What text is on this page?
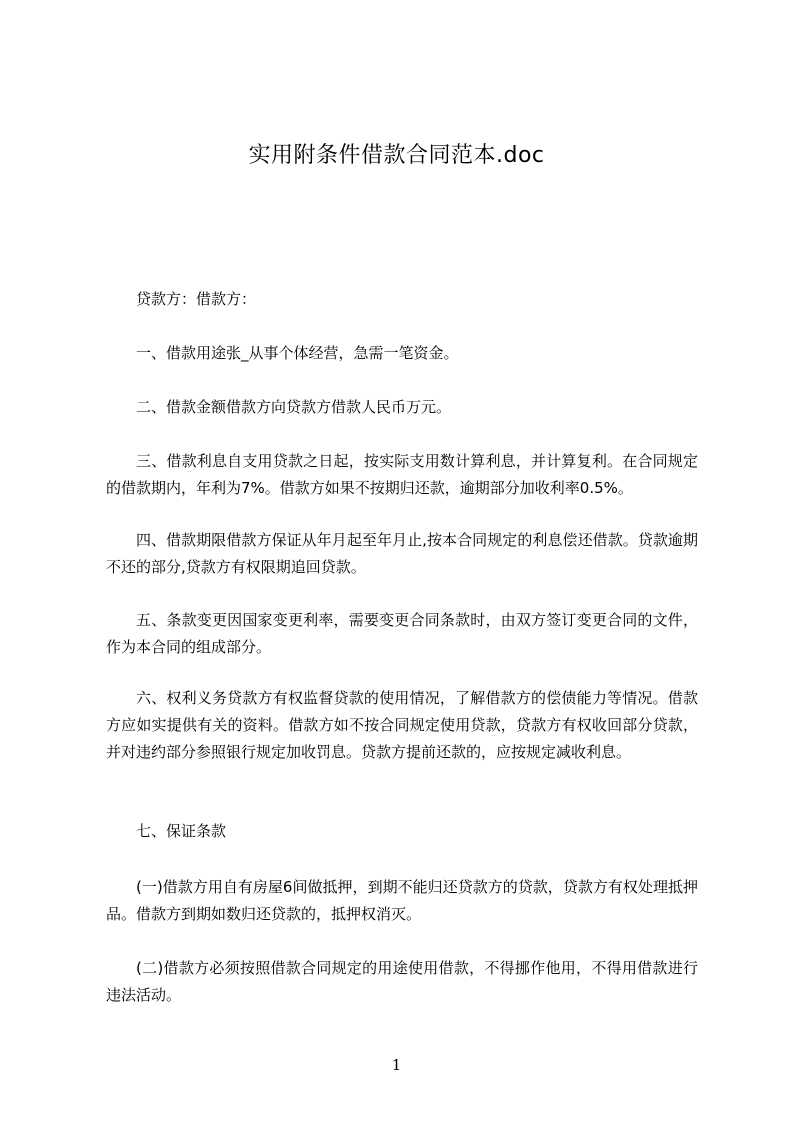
实用附条件借款合同范本.doc

贷款方：借款方：

一、借款用途张_从事个体经营，急需一笔资金。

二、借款金额借款方向贷款方借款人民币万元。

三、借款利息自支用贷款之日起，按实际支用数计算利息，并计算复利。在合同规定的借款期内，年利为7%。借款方如果不按期归还款，逾期部分加收利率0.5%。

四、借款期限借款方保证从年月起至年月止,按本合同规定的利息偿还借款。贷款逾期不还的部分,贷款方有权限期追回贷款。

五、条款变更因国家变更利率，需要变更合同条款时，由双方签订变更合同的文件，作为本合同的组成部分。

六、权利义务贷款方有权监督贷款的使用情况，了解借款方的偿债能力等情况。借款方应如实提供有关的资料。借款方如不按合同规定使用贷款，贷款方有权收回部分贷款，并对违约部分参照银行规定加收罚息。贷款方提前还款的，应按规定减收利息。

七、保证条款

(一)借款方用自有房屋6间做抵押，到期不能归还贷款方的贷款，贷款方有权处理抵押品。借款方到期如数归还贷款的，抵押权消灭。

(二)借款方必须按照借款合同规定的用途使用借款，不得挪作他用，不得用借款进行违法活动。

1
